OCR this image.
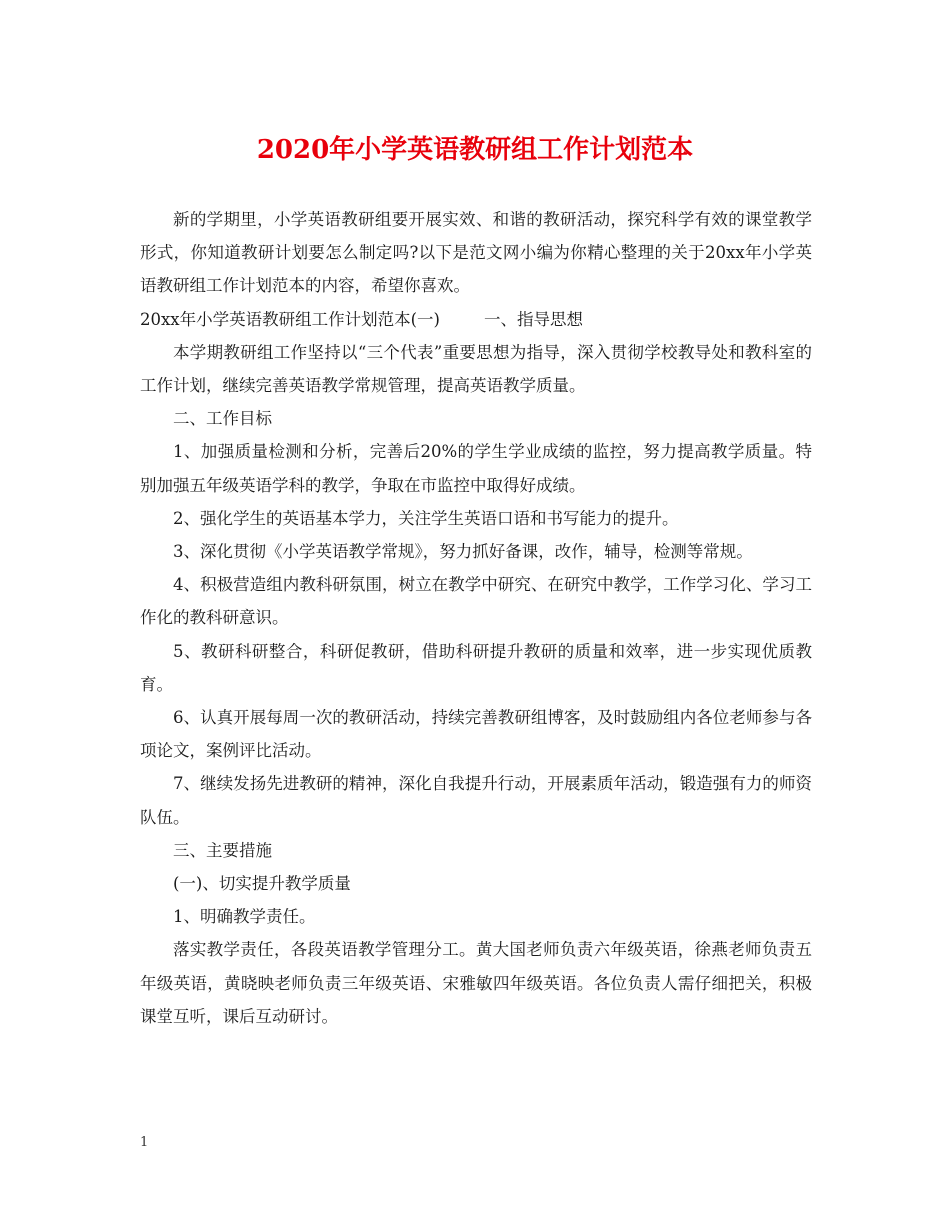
2020年小学英语教研组工作计划范本

新的学期里，小学英语教研组要开展实效、和谐的教研活动，探究科学有效的课堂教学形式，你知道教研计划要怎么制定吗?以下是范文网小编为你精心整理的关于20xx年小学英语教研组工作计划范本的内容，希望你喜欢。

20xx年小学英语教研组工作计划范本(一)	一、指导思想

本学期教研组工作坚持以“三个代表”重要思想为指导，深入贯彻学校教导处和教科室的工作计划，继续完善英语教学常规管理，提高英语教学质量。

二、工作目标

1、加强质量检测和分析，完善后20%的学生学业成绩的监控，努力提高教学质量。特别加强五年级英语学科的教学，争取在市监控中取得好成绩。

2、强化学生的英语基本学力，关注学生英语口语和书写能力的提升。

3、深化贯彻《小学英语教学常规》，努力抓好备课，改作，辅导，检测等常规。

4、积极营造组内教科研氛围，树立在教学中研究、在研究中教学，工作学习化、学习工作化的教科研意识。

5、教研科研整合，科研促教研，借助科研提升教研的质量和效率，进一步实现优质教育。

6、认真开展每周一次的教研活动，持续完善教研组博客，及时鼓励组内各位老师参与各项论文，案例评比活动。

7、继续发扬先进教研的精神，深化自我提升行动，开展素质年活动，锻造强有力的师资队伍。

三、主要措施

(一)、切实提升教学质量

1、明确教学责任。

落实教学责任，各段英语教学管理分工。黄大国老师负责六年级英语，徐燕老师负责五年级英语，黄晓映老师负责三年级英语、宋雅敏四年级英语。各位负责人需仔细把关，积极课堂互听，课后互动研讨。

1
